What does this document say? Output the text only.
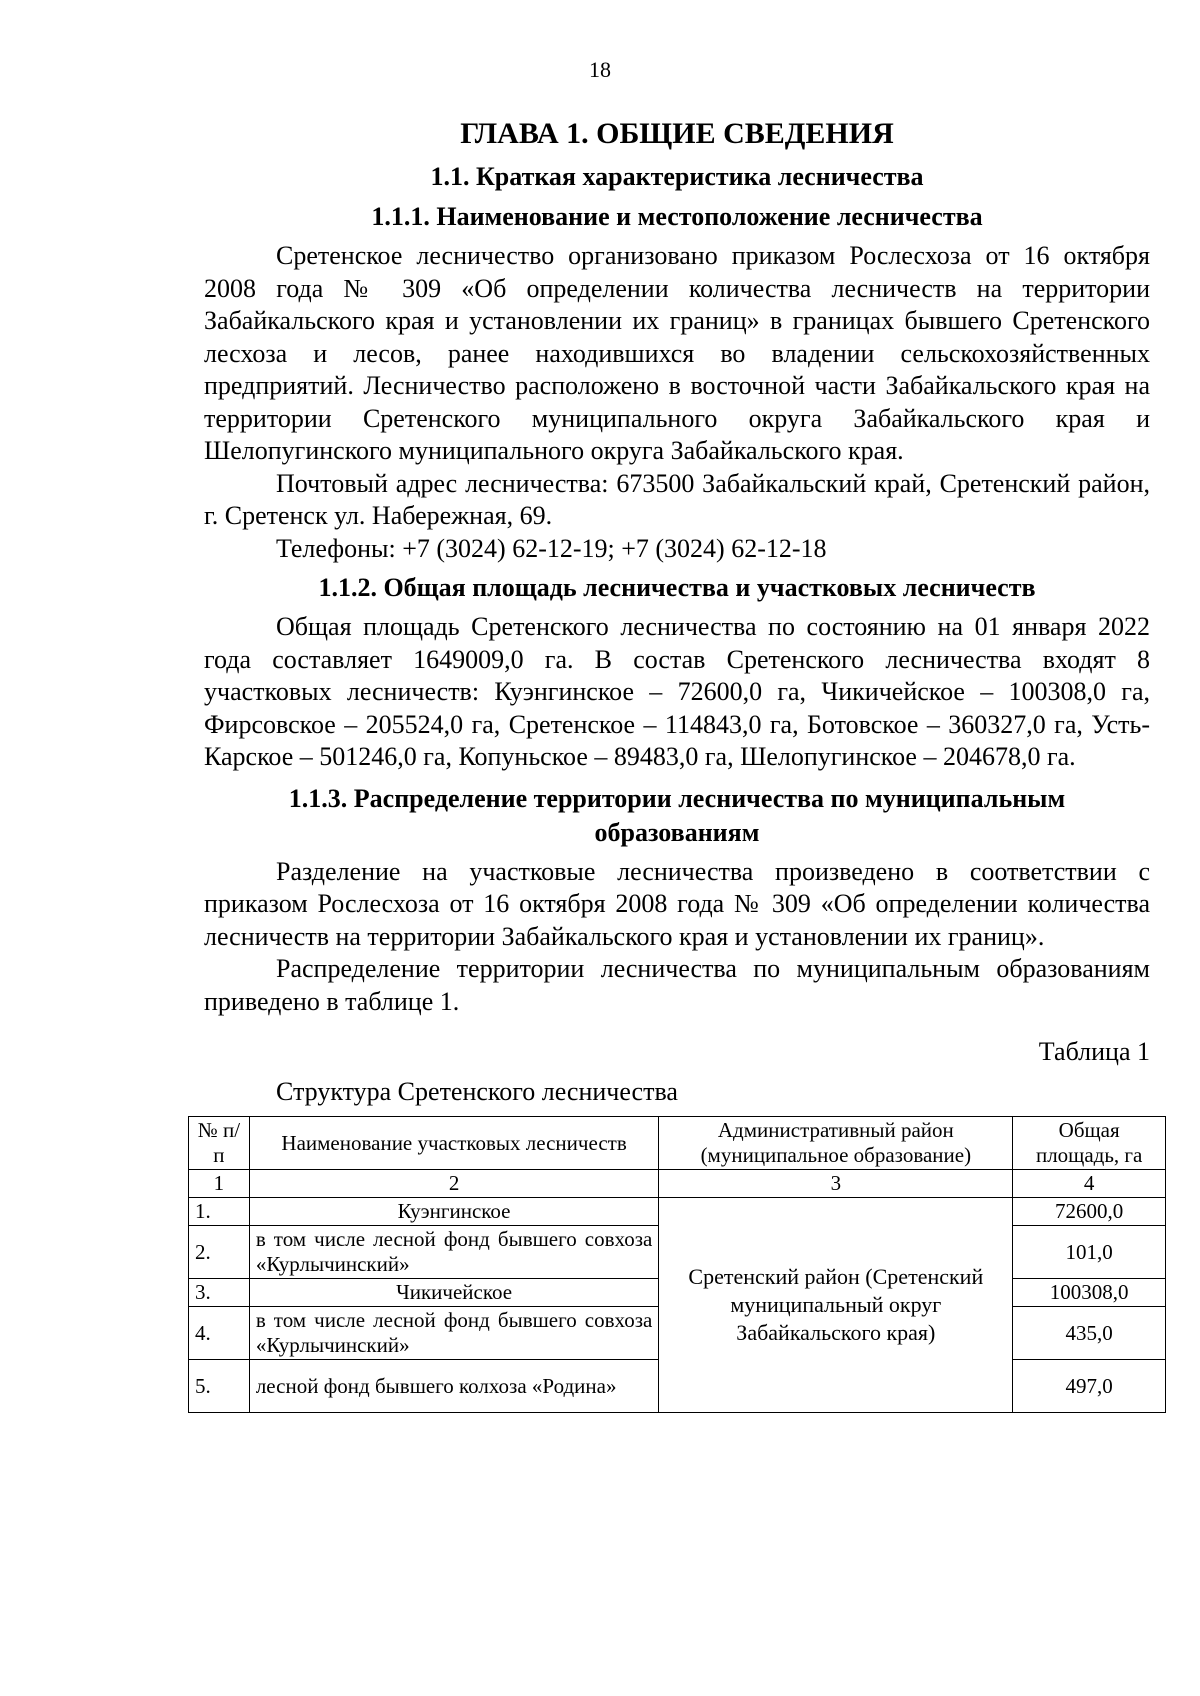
18
ГЛАВА 1. ОБЩИЕ СВЕДЕНИЯ
1.1. Краткая характеристика лесничества
1.1.1. Наименование и местоположение лесничества

Сретенское лесничество организовано приказом Рослесхоза от 16 октября 2008 года № 309 «Об определении количества лесничеств на территории Забайкальского края и установлении их границ» в границах бывшего Сретенского лесхоза и лесов, ранее находившихся во владении сельскохозяйственных предприятий. Лесничество расположено в восточной части Забайкальского края на территории Сретенского муниципального округа Забайкальского края и Шелопугинского муниципального округа Забайкальского края.

Почтовый адрес лесничества: 673500 Забайкальский край, Сретенский район, г. Сретенск ул. Набережная, 69.

Телефоны: +7 (3024) 62-12-19; +7 (3024) 62-12-18

1.1.2. Общая площадь лесничества и участковых лесничеств

Общая площадь Сретенского лесничества по состоянию на 01 января 2022 года составляет 1649009,0 га. В состав Сретенского лесничества входят 8 участковых лесничеств: Куэнгинское – 72600,0 га, Чикичейское – 100308,0 га, Фирсовское – 205524,0 га, Сретенское – 114843,0 га, Ботовское – 360327,0 га, Усть-Карское – 501246,0 га, Копуньское – 89483,0 га, Шелопугинское – 204678,0 га.

1.1.3. Распределение территории лесничества по муниципальным образованиям

Разделение на участковые лесничества произведено в соответствии с приказом Рослесхоза от 16 октября 2008 года № 309 «Об определении количества лесничеств на территории Забайкальского края и установлении их границ».

Распределение территории лесничества по муниципальным образованиям приведено в таблице 1.

Таблица 1
Структура Сретенского лесничества
№ п/п	Наименование участковых лесничеств	Административный район (муниципальное образование)	Общая площадь, га
1	2	3	4
1.	Куэнгинское	Сретенский район (Сретенский муниципальный округ Забайкальского края)	72600,0
2.	в том числе лесной фонд бывшего совхоза «Курлычинский»		101,0
3.	Чикичейское		100308,0
4.	в том числе лесной фонд бывшего совхоза «Курлычинский»		435,0
5.	лесной фонд бывшего колхоза «Родина»		497,0
